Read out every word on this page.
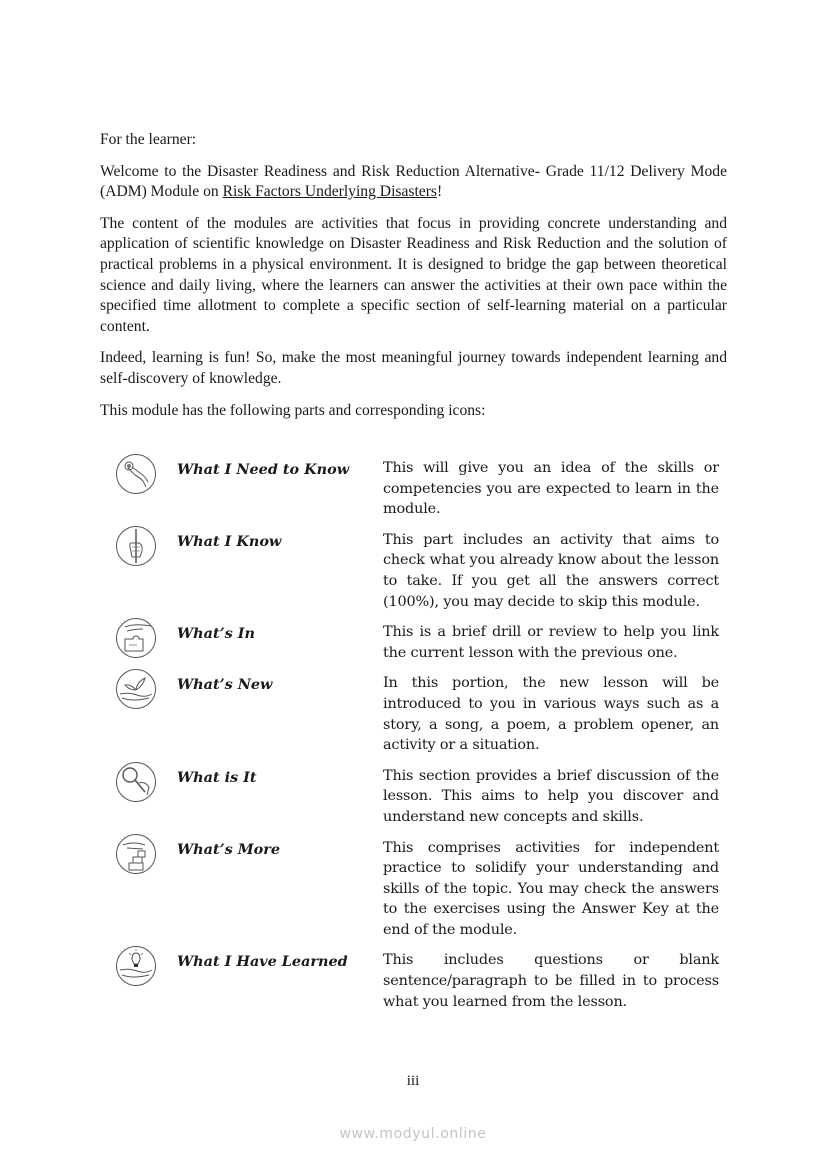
For the learner:

Welcome to the Disaster Readiness and Risk Reduction Alternative- Grade 11/12 Delivery Mode (ADM) Module on Risk Factors Underlying Disasters!

The content of the modules are activities that focus in providing concrete understanding and application of scientific knowledge on Disaster Readiness and Risk Reduction and the solution of practical problems in a physical environment. It is designed to bridge the gap between theoretical science and daily living, where the learners can answer the activities at their own pace within the specified time allotment to complete a specific section of self-learning material on a particular content.

Indeed, learning is fun! So, make the most meaningful journey towards independent learning and self-discovery of knowledge.

This module has the following parts and corresponding icons:

What I Need to Know	This will give you an idea of the skills or competencies you are expected to learn in the module.
What I Know	This part includes an activity that aims to check what you already know about the lesson to take. If you get all the answers correct (100%), you may decide to skip this module.
What’s In	This is a brief drill or review to help you link the current lesson with the previous one.
What’s New	In this portion, the new lesson will be introduced to you in various ways such as a story, a song, a poem, a problem opener, an activity or a situation.
What is It	This section provides a brief discussion of the lesson. This aims to help you discover and understand new concepts and skills.
What’s More	This comprises activities for independent practice to solidify your understanding and skills of the topic. You may check the answers to the exercises using the Answer Key at the end of the module.
What I Have Learned	This includes questions or blank sentence/paragraph to be filled in to process what you learned from the lesson.
iii
www.modyul.online
